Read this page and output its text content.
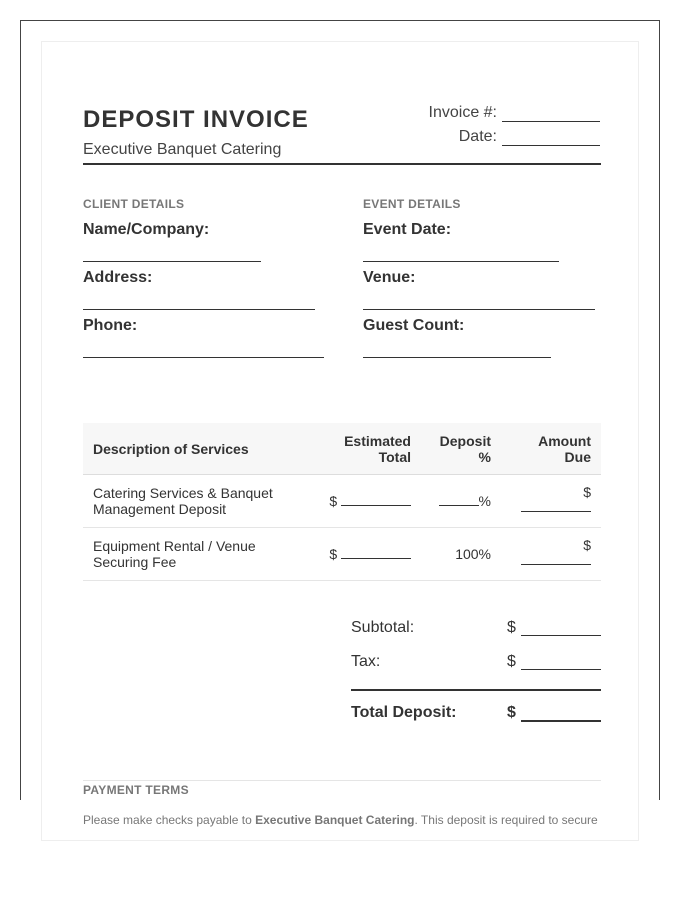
DEPOSIT INVOICE
Executive Banquet Catering
Invoice #:
Date:
CLIENT DETAILS
Name/Company:
Address:
Phone:
EVENT DETAILS
Event Date:
Venue:
Guest Count:
Description of Services	Estimated Total	Deposit %	Amount Due
Catering Services & Banquet Management Deposit	$	%	$

Equipment Rental / Venue Securing Fee	$	100%	$
Subtotal:	$
Tax:	$
Total Deposit:	$
PAYMENT TERMS
Please make checks payable to Executive Banquet Catering. This deposit is required to secure
